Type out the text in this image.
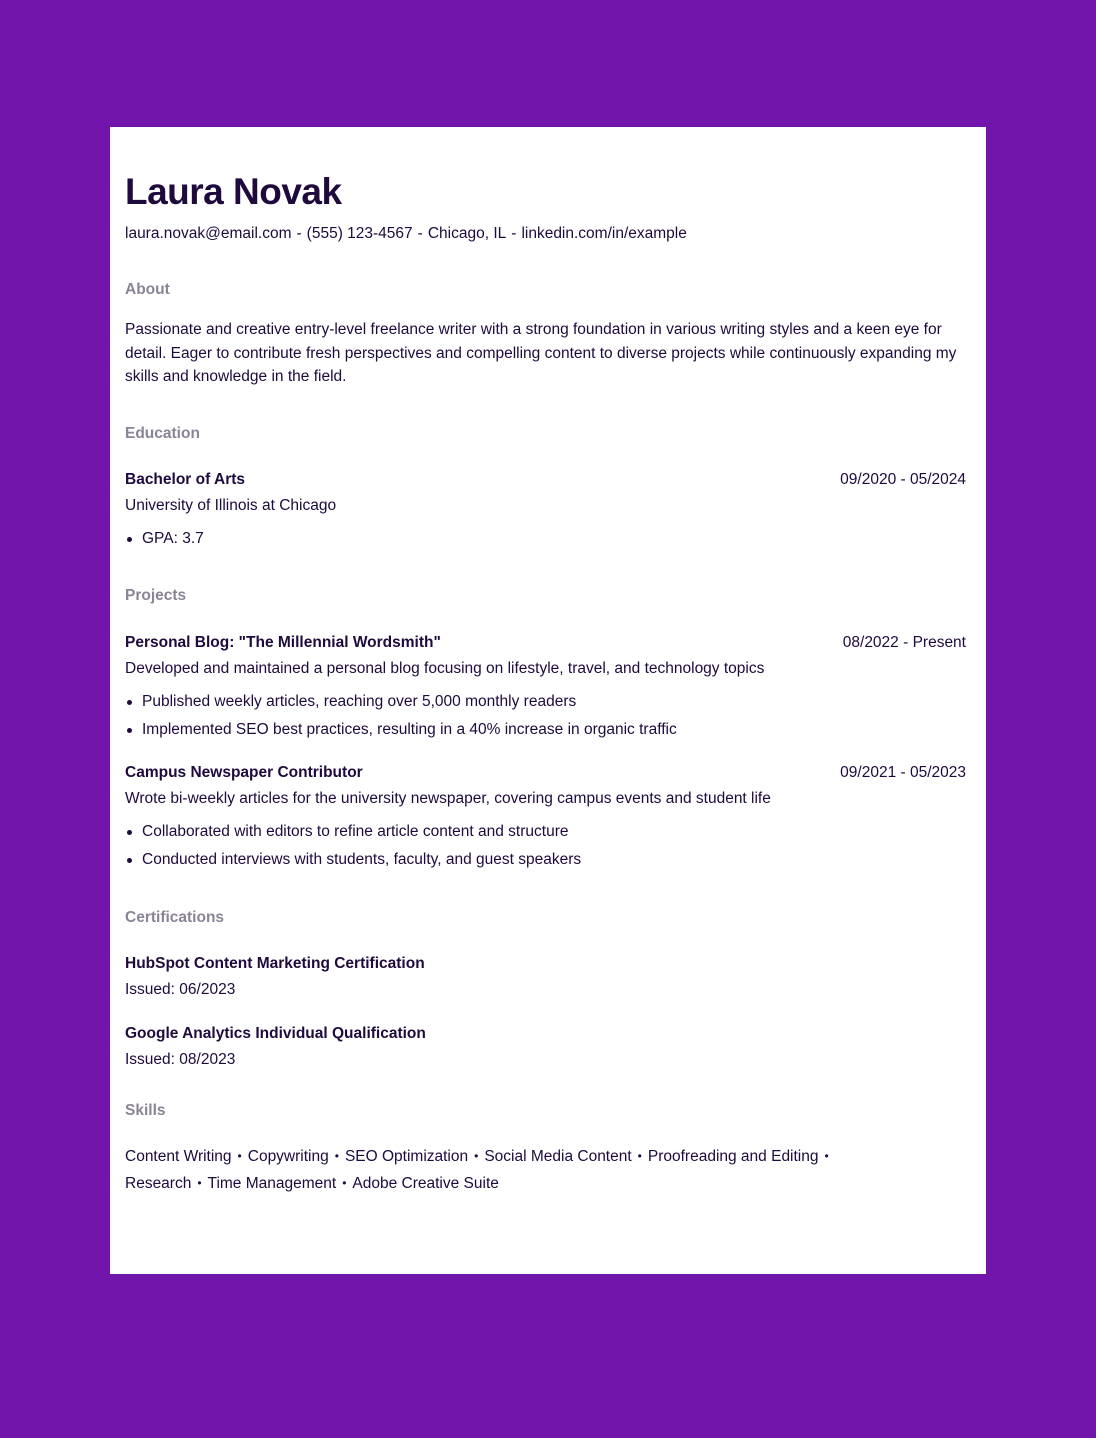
Laura Novak
laura.novak@email.com - (555) 123-4567 - Chicago, IL - linkedin.com/in/example
About

Passionate and creative entry-level freelance writer with a strong foundation in various writing styles and a keen eye for detail. Eager to contribute fresh perspectives and compelling content to diverse projects while continuously expanding my skills and knowledge in the field.

Education
Bachelor of Arts	09/2020 - 05/2024
University of Illinois at Chicago
GPA: 3.7
Projects
Personal Blog: "The Millennial Wordsmith"	08/2022 - Present
Developed and maintained a personal blog focusing on lifestyle, travel, and technology topics
Published weekly articles, reaching over 5,000 monthly readers
Implemented SEO best practices, resulting in a 40% increase in organic traffic
Campus Newspaper Contributor	09/2021 - 05/2023
Wrote bi-weekly articles for the university newspaper, covering campus events and student life
Collaborated with editors to refine article content and structure
Conducted interviews with students, faculty, and guest speakers
Certifications
HubSpot Content Marketing Certification
Issued: 06/2023
Google Analytics Individual Qualification
Issued: 08/2023
Skills
Content Writing • Copywriting • SEO Optimization • Social Media Content • Proofreading and Editing •
Research • Time Management • Adobe Creative Suite
